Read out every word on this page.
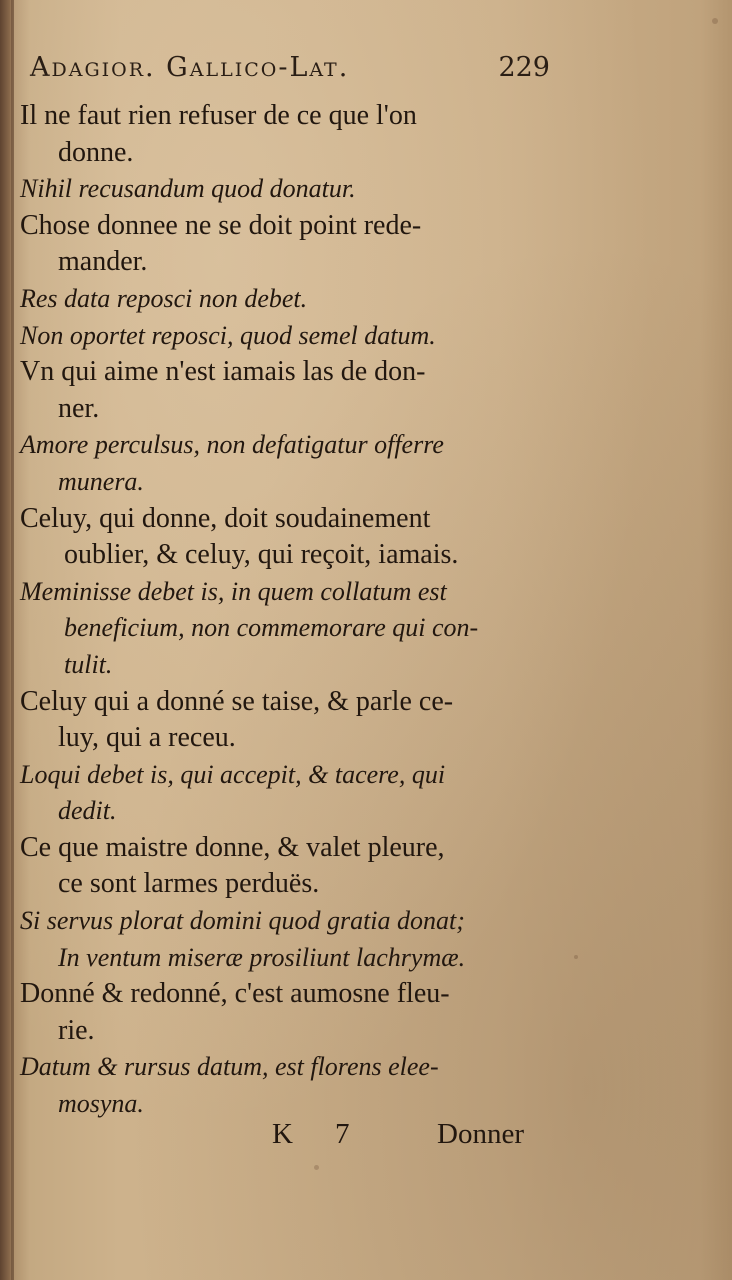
Adagior. Gallico-Lat.	229
Il ne faut rien refuser de ce que l'on
donne.
Nihil recusandum quod donatur.
Chose donnee ne se doit point rede-
mander.
Res data reposci non debet.
Non oportet reposci, quod semel datum.
Vn qui aime n'est iamais las de don-
ner.
Amore perculsus, non defatigatur offerre
munera.
Celuy, qui donne, doit soudainement
oublier, & celuy, qui reçoit, iamais.
Meminisse debet is, in quem collatum est
beneficium, non commemorare qui con-
tulit.
Celuy qui a donné se taise, & parle ce-
luy, qui a receu.
Loqui debet is, qui accepit, & tacere, qui
dedit.
Ce que maistre donne, & valet pleure,
ce sont larmes perduës.
Si servus plorat domini quod gratia donat;
In ventum miseræ prosiliunt lachrymæ.
Donné & redonné, c'est aumosne fleu-
rie.
Datum & rursus datum, est florens elee-
mosyna.
K 7	Donner
